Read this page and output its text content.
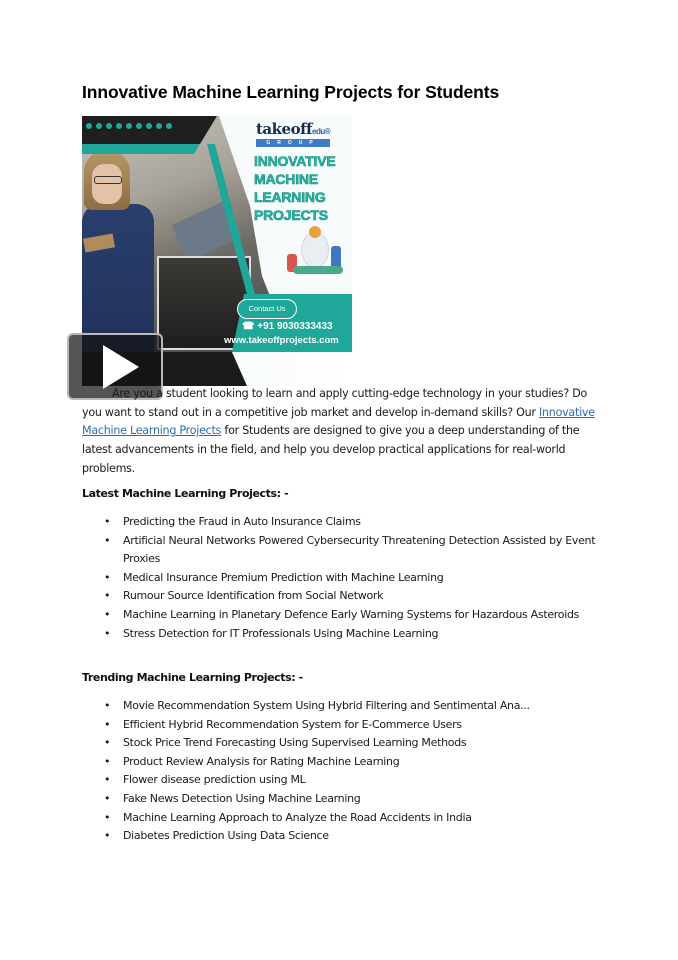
Innovative Machine Learning Projects for Students
takeoffedu®
GROUP
INNOVATIVE
MACHINE
LEARNING
PROJECTS
Contact Us
☎ +91 9030333433
www.takeoffprojects.com

Are you a student looking to learn and apply cutting-edge technology in your studies? Do you want to stand out in a competitive job market and develop in-demand skills? Our Innovative Machine Learning Projects for Students are designed to give you a deep understanding of the latest advancements in the field, and help you develop practical applications for real-world problems.

Latest Machine Learning Projects: -
• Predicting the Fraud in Auto Insurance Claims
• Artificial Neural Networks Powered Cybersecurity Threatening Detection Assisted by Event Proxies
• Medical Insurance Premium Prediction with Machine Learning
• Rumour Source Identification from Social Network
• Machine Learning in Planetary Defence Early Warning Systems for Hazardous Asteroids
• Stress Detection for IT Professionals Using Machine Learning
Trending Machine Learning Projects: -
• Movie Recommendation System Using Hybrid Filtering and Sentimental Ana...
• Efficient Hybrid Recommendation System for E-Commerce Users
• Stock Price Trend Forecasting Using Supervised Learning Methods
• Product Review Analysis for Rating Machine Learning
• Flower disease prediction using ML
• Fake News Detection Using Machine Learning
• Machine Learning Approach to Analyze the Road Accidents in India
• Diabetes Prediction Using Data Science
